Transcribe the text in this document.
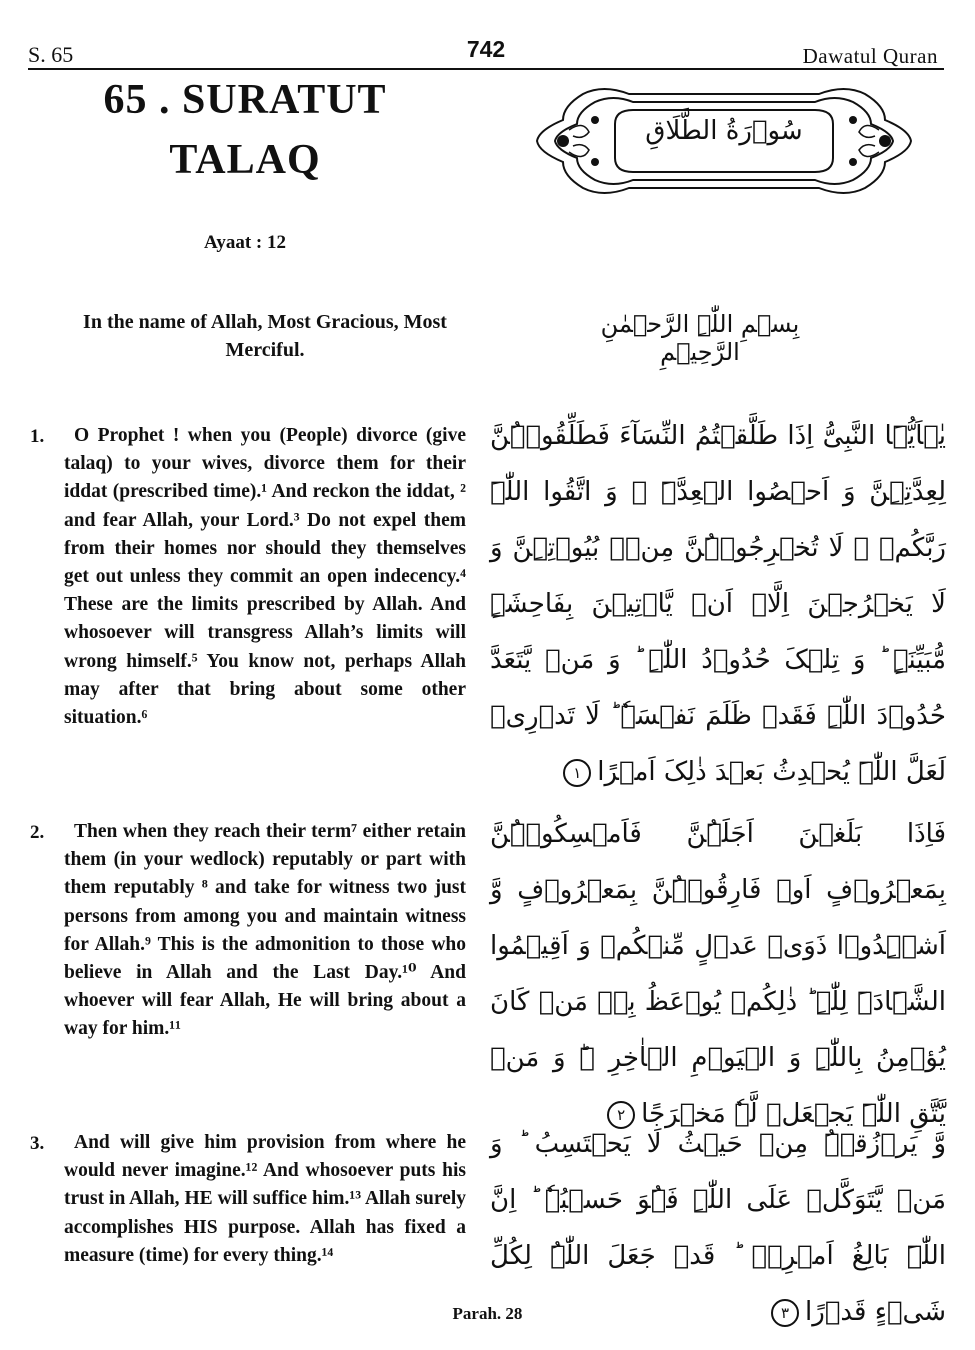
S. 65	742	Dawatul Quran
65 . SURATUT
TALAQ
Ayaat : 12
سُوۡرَةُ الطَّلَاقِ
In the name of Allah, Most Gracious, Most Merciful.
بِسۡمِ اللّٰہِ الرَّحۡمٰنِ الرَّحِیۡمِ
1.	O Prophet ! when you (People) divorce (give talaq) to your wives, divorce them for their iddat (prescribed time).¹ And reckon the iddat, ² and fear Allah, your Lord.³ Do not expel them from their homes nor should they themselves get out unless they commit an open indecency.⁴ These are the limits prescribed by Allah. And whosoever will transgress Allah’s limits will wrong himself.⁵ You know not, perhaps Allah may after that bring about some other situation.⁶
یٰۤاَیُّہَا النَّبِیُّ اِذَا طَلَّقۡتُمُ النِّسَآءَ فَطَلِّقُوۡہُنَّ لِعِدَّتِہِنَّ وَ اَحۡصُوا الۡعِدَّۃَ ۚ وَ اتَّقُوا اللّٰہَ رَبَّکُمۡ ۚ لَا تُخۡرِجُوۡہُنَّ مِنۡۢ بُیُوۡتِہِنَّ وَ لَا یَخۡرُجۡنَ اِلَّاۤ اَنۡ یَّاۡتِیۡنَ بِفَاحِشَۃٍ مُّبَیِّنَۃٍ ؕ وَ تِلۡکَ حُدُوۡدُ اللّٰہِ ؕ وَ مَنۡ یَّتَعَدَّ حُدُوۡدَ اللّٰہِ فَقَدۡ ظَلَمَ نَفۡسَہٗ ؕ لَا تَدۡرِیۡ لَعَلَّ اللّٰہَ یُحۡدِثُ بَعۡدَ ذٰلِکَ اَمۡرًا١
2.	Then when they reach their term⁷ either retain them (in your wedlock) reputably or part with them reputably ⁸ and take for witness two just persons from among you and maintain witness for Allah.⁹ This is the admonition to those who believe in Allah and the Last Day.¹⁰ And whoever will fear Allah, He will bring about a way for him.¹¹
فَاِذَا بَلَغۡنَ اَجَلَہُنَّ فَاَمۡسِکُوۡہُنَّ بِمَعۡرُوۡفٍ اَوۡ فَارِقُوۡہُنَّ بِمَعۡرُوۡفٍ وَّ اَشۡہِدُوۡا ذَوَیۡ عَدۡلٍ مِّنۡکُمۡ وَ اَقِیۡمُوا الشَّہَادَۃَ لِلّٰہِ ؕ ذٰلِکُمۡ یُوۡعَظُ بِہٖ مَنۡ کَانَ یُؤۡمِنُ بِاللّٰہِ وَ الۡیَوۡمِ الۡاٰخِرِ ۬ؕ وَ مَنۡ یَّتَّقِ اللّٰہَ یَجۡعَلۡ لَّہٗ مَخۡرَجًا٢
3.	And will give him provision from where he would never imagine.¹² And whosoever puts his trust in Allah, HE will suffice him.¹³ Allah surely accomplishes HIS purpose. Allah has fixed a measure (time) for every thing.¹⁴
وَّ یَرۡزُقۡہُ مِنۡ حَیۡثُ لَا یَحۡتَسِبُ ؕ وَ مَنۡ یَّتَوَکَّلۡ عَلَی اللّٰہِ فَہُوَ حَسۡبُہٗ ؕ اِنَّ اللّٰہَ بَالِغُ اَمۡرِہٖ ؕ قَدۡ جَعَلَ اللّٰہُ لِکُلِّ شَیۡءٍ قَدۡرًا٣
Parah. 28
